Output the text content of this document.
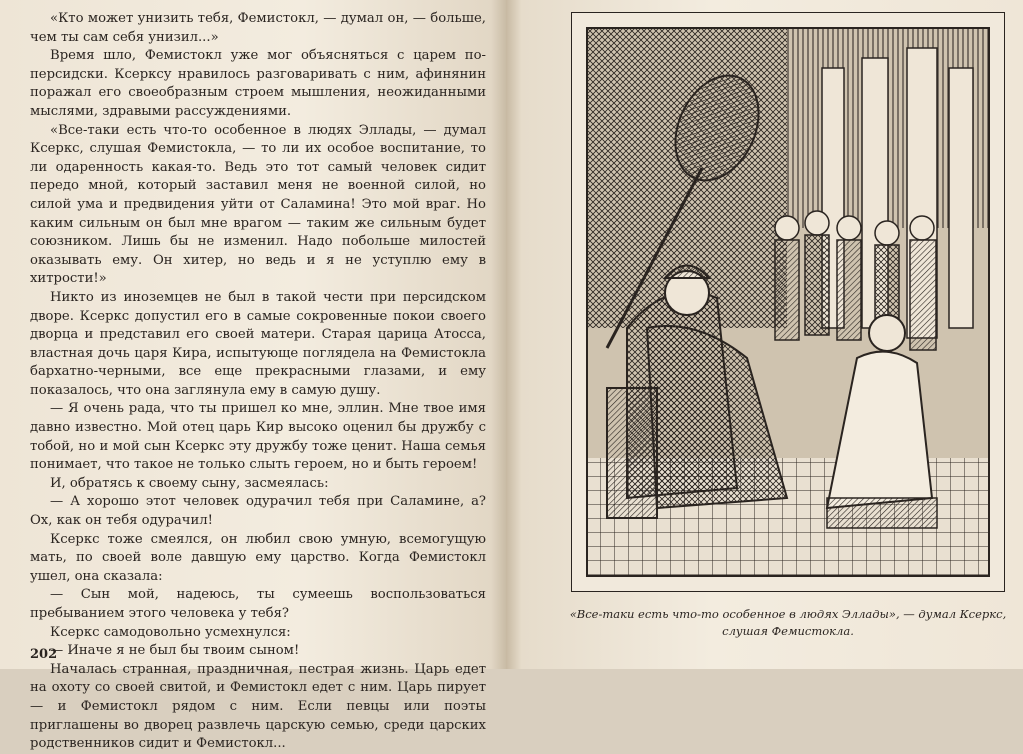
«Кто может унизить тебя, Фемистокл, — думал он, — больше, чем ты сам себя унизил...»

Время шло, Фемистокл уже мог объясняться с царем по-персидски. Ксерксу нравилось разговаривать с ним, афинянин поражал его своеобразным строем мышления, неожиданными мыслями, здравыми рассуждениями.

«Все-таки есть что-то особенное в людях Эллады, — думал Ксеркс, слушая Фемистокла, — то ли их особое воспитание, то ли одаренность какая-то. Ведь это тот самый человек сидит передо мной, который заставил меня не военной силой, но силой ума и предвидения уйти от Саламина! Это мой враг. Но каким сильным он был мне врагом — таким же сильным будет союзником. Лишь бы не изменил. Надо побольше милостей оказывать ему. Он хитер, но ведь и я не уступлю ему в хитрости!»

Никто из иноземцев не был в такой чести при персидском дворе. Ксеркс допустил его в самые сокровенные покои своего дворца и представил его своей матери. Старая царица Атосса, властная дочь царя Кира, испытующе поглядела на Фемистокла бархатно-черными, все еще прекрасными глазами, и ему показалось, что она заглянула ему в самую душу.

— Я очень рада, что ты пришел ко мне, эллин. Мне твое имя давно известно. Мой отец царь Кир высоко оценил бы дружбу с тобой, но и мой сын Ксеркс эту дружбу тоже ценит. Наша семья понимает, что такое не только слыть героем, но и быть героем!

И, обратясь к своему сыну, засмеялась:

— А хорошо этот человек одурачил тебя при Саламине, а? Ох, как он тебя одурачил!

Ксеркс тоже смеялся, он любил свою умную, всемогущую мать, по своей воле давшую ему царство. Когда Фемистокл ушел, она сказала:

— Сын мой, надеюсь, ты сумеешь воспользоваться пребыванием этого человека у тебя?

Ксеркс самодовольно усмехнулся:

— Иначе я не был бы твоим сыном!

Началась странная, праздничная, пестрая жизнь. Царь едет на охоту со своей свитой, и Фемистокл едет с ним. Царь пирует — и Фемистокл рядом с ним. Если певцы или поэты приглашены во дворец развлечь царскую семью, среди царских родственников сидит и Фемистокл...

202
«Все-таки есть что-то особенное в людях Эллады», — думал Ксеркс,
слушая Фемистокла.
